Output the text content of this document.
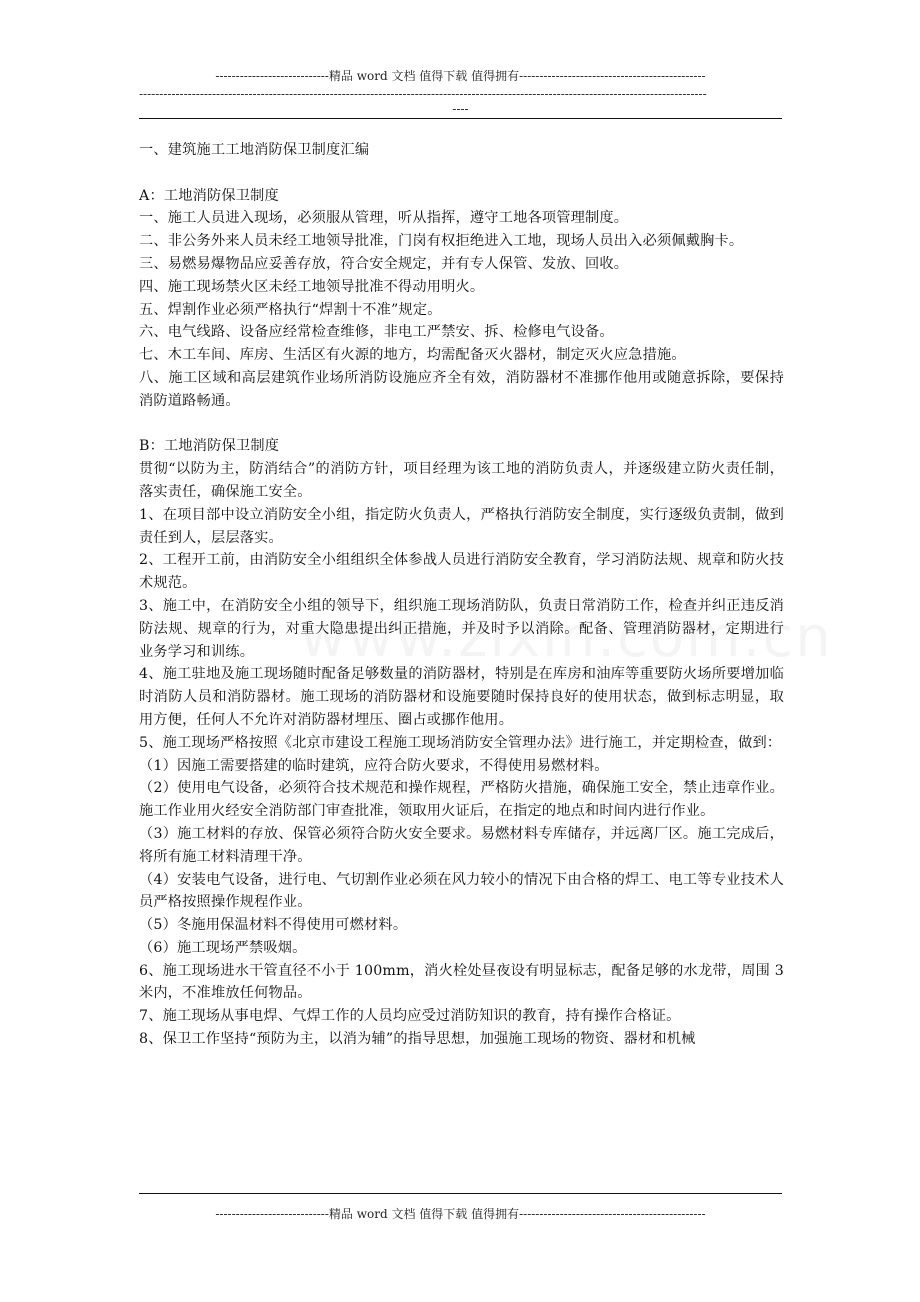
----------------------------精品 word 文档 值得下载 值得拥有----------------------------------------------
--------------------------------------------------------------------------------------------------------------------------------------------
----

一、建筑施工工地消防保卫制度汇编

A：工地消防保卫制度

一、施工人员进入现场，必须服从管理，听从指挥，遵守工地各项管理制度。

二、非公务外来人员未经工地领导批准，门岗有权拒绝进入工地，现场人员出入必须佩戴胸卡。

三、易燃易爆物品应妥善存放，符合安全规定，并有专人保管、发放、回收。

四、施工现场禁火区未经工地领导批准不得动用明火。

五、焊割作业必须严格执行“焊割十不准”规定。

六、电气线路、设备应经常检查维修，非电工严禁安、拆、检修电气设备。

七、木工车间、库房、生活区有火源的地方，均需配备灭火器材，制定灭火应急措施。

八、施工区域和高层建筑作业场所消防设施应齐全有效，消防器材不准挪作他用或随意拆除，要保持消防道路畅通。

B：工地消防保卫制度

贯彻“以防为主，防消结合”的消防方针，项目经理为该工地的消防负责人，并逐级建立防火责任制，落实责任，确保施工安全。

1、在项目部中设立消防安全小组，指定防火负责人，严格执行消防安全制度，实行逐级负责制，做到责任到人，层层落实。

2、工程开工前，由消防安全小组组织全体参战人员进行消防安全教育，学习消防法规、规章和防火技术规范。

3、施工中，在消防安全小组的领导下，组织施工现场消防队，负责日常消防工作，检查并纠正违反消防法规、规章的行为，对重大隐患提出纠正措施，并及时予以消除。配备、管理消防器材，定期进行业务学习和训练。

4、施工驻地及施工现场随时配备足够数量的消防器材，特别是在库房和油库等重要防火场所要增加临时消防人员和消防器材。施工现场的消防器材和设施要随时保持良好的使用状态，做到标志明显，取用方便，任何人不允许对消防器材埋压、圈占或挪作他用。

5、施工现场严格按照《北京市建设工程施工现场消防安全管理办法》进行施工，并定期检查，做到：

（1）因施工需要搭建的临时建筑，应符合防火要求，不得使用易燃材料。

（2）使用电气设备，必须符合技术规范和操作规程，严格防火措施，确保施工安全，禁止违章作业。施工作业用火经安全消防部门审查批准，领取用火证后，在指定的地点和时间内进行作业。

（3）施工材料的存放、保管必须符合防火安全要求。易燃材料专库储存，并远离厂区。施工完成后，将所有施工材料清理干净。

（4）安装电气设备，进行电、气切割作业必须在风力较小的情况下由合格的焊工、电工等专业技术人员严格按照操作规程作业。

（5）冬施用保温材料不得使用可燃材料。

（6）施工现场严禁吸烟。

6、施工现场进水干管直径不小于 100mm，消火栓处昼夜设有明显标志，配备足够的水龙带，周围 3 米内，不准堆放任何物品。

7、施工现场从事电焊、气焊工作的人员均应受过消防知识的教育，持有操作合格证。

8、保卫工作坚持“预防为主，以消为辅”的指导思想，加强施工现场的物资、器材和机械

----------------------------精品 word 文档 值得下载 值得拥有----------------------------------------------
